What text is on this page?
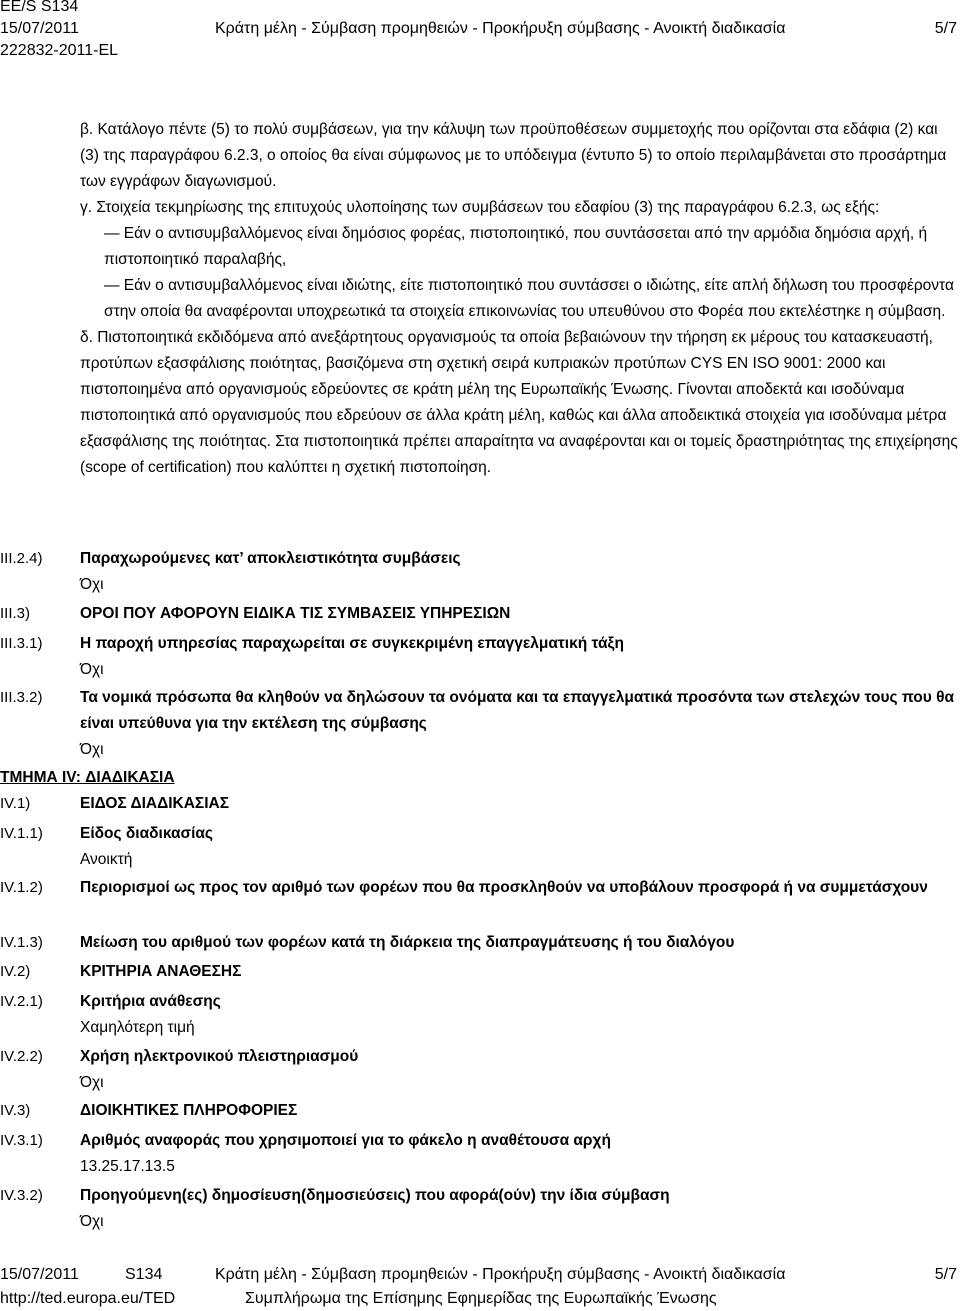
EE/S S134
15/07/2011
222832-2011-EL
Κράτη μέλη - Σύμβαση προμηθειών - Προκήρυξη σύμβασης - Ανοικτή διαδικασία	5/7

β. Κατάλογο πέντε (5) το πολύ συμβάσεων, για την κάλυψη των προϋποθέσεων συμμετοχής που ορίζονται στα εδάφια (2) και (3) της παραγράφου 6.2.3, ο οποίος θα είναι σύμφωνος με το υπόδειγμα (έντυπο 5) το οποίο περιλαμβάνεται στο προσάρτημα των εγγράφων διαγωνισμού.

γ. Στοιχεία τεκμηρίωσης της επιτυχούς υλοποίησης των συμβάσεων του εδαφίου (3) της παραγράφου 6.2.3, ως εξής:

— Εάν ο αντισυμβαλλόμενος είναι δημόσιος φορέας, πιστοποιητικό, που συντάσσεται από την αρμόδια δημόσια αρχή, ή πιστοποιητικό παραλαβής,

— Εάν ο αντισυμβαλλόμενος είναι ιδιώτης, είτε πιστοποιητικό που συντάσσει ο ιδιώτης, είτε απλή δήλωση του προσφέροντα στην οποία θα αναφέρονται υποχρεωτικά τα στοιχεία επικοινωνίας του υπευθύνου στο Φορέα που εκτελέστηκε η σύμβαση.

δ. Πιστοποιητικά εκδιδόμενα από ανεξάρτητους οργανισμούς τα οποία βεβαιώνουν την τήρηση εκ μέρους του κατασκευαστή, προτύπων εξασφάλισης ποιότητας, βασιζόμενα στη σχετική σειρά κυπριακών προτύπων CYS EN ISO 9001: 2000 και πιστοποιημένα από οργανισμούς εδρεύοντες σε κράτη μέλη της Ευρωπαϊκής Ένωσης. Γίνονται αποδεκτά και ισοδύναμα πιστοποιητικά από οργανισμούς που εδρεύουν σε άλλα κράτη μέλη, καθώς και άλλα αποδεικτικά στοιχεία για ισοδύναμα μέτρα εξασφάλισης της ποιότητας. Στα πιστοποιητικά πρέπει απαραίτητα να αναφέρονται και οι τομείς δραστηριότητας της επιχείρησης (scope of certification) που καλύπτει η σχετική πιστοποίηση.

III.2.4) Παραχωρούμενες κατ’ αποκλειστικότητα συμβάσεις
Όχι
III.3)	ΟΡΟΙ ΠΟΥ ΑΦΟΡΟΥΝ ΕΙΔΙΚΑ ΤΙΣ ΣΥΜΒΑΣΕΙΣ ΥΠΗΡΕΣΙΩΝ
III.3.1) Η παροχή υπηρεσίας παραχωρείται σε συγκεκριμένη επαγγελματική τάξη
Όχι
III.3.2) Τα νομικά πρόσωπα θα κληθούν να δηλώσουν τα ονόματα και τα επαγγελματικά προσόντα των στελεχών τους που θα είναι υπεύθυνα για την εκτέλεση της σύμβασης
Όχι
ΤΜΗΜΑ IV: ΔΙΑΔΙΚΑΣΙΑ
IV.1)	ΕΙΔΟΣ ΔΙΑΔΙΚΑΣΙΑΣ
IV.1.1) Είδος διαδικασίας
Ανοικτή
IV.1.2) Περιορισμοί ως προς τον αριθμό των φορέων που θα προσκληθούν να υποβάλουν προσφορά ή να συμμετάσχουν
IV.1.3) Μείωση του αριθμού των φορέων κατά τη διάρκεια της διαπραγμάτευσης ή του διαλόγου
IV.2)	ΚΡΙΤΗΡΙΑ ΑΝΑΘΕΣΗΣ
IV.2.1) Κριτήρια ανάθεσης
Χαμηλότερη τιμή
IV.2.2) Χρήση ηλεκτρονικού πλειστηριασμού
Όχι
IV.3)	ΔΙΟΙΚΗΤΙΚΕΣ ΠΛΗΡΟΦΟΡΙΕΣ
IV.3.1) Αριθμός αναφοράς που χρησιμοποιεί για το φάκελο η αναθέτουσα αρχή
13.25.17.13.5
IV.3.2) Προηγούμενη(ες) δημοσίευση(δημοσιεύσεις) που αφορά(ούν) την ίδια σύμβαση
Όχι
15/07/2011	S134	Κράτη μέλη - Σύμβαση προμηθειών - Προκήρυξη σύμβασης - Ανοικτή διαδικασία	5/7
http://ted.europa.eu/TED	Συμπλήρωμα της Επίσημης Εφημερίδας της Ευρωπαϊκής Ένωσης
